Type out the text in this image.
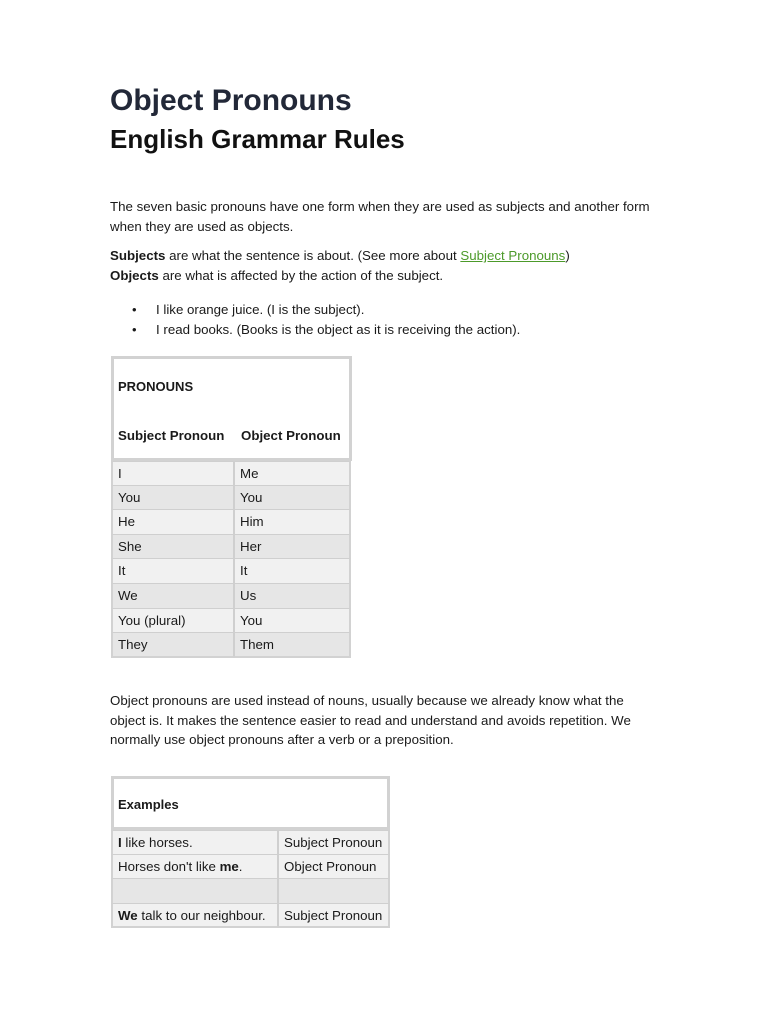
Object Pronouns
English Grammar Rules

The seven basic pronouns have one form when they are used as subjects and another form when they are used as objects.

Subjects are what the sentence is about. (See more about Subject Pronouns)
Objects are what is affected by the action of the subject.

• I like orange juice. (I is the subject).
• I read books. (Books is the object as it is receiving the action).

Object pronouns are used instead of nouns, usually because we already know what the object is. It makes the sentence easier to read and understand and avoids repetition. We normally use object pronouns after a verb or a preposition.

PRONOUNS
Subject Pronoun Object Pronoun
I	Me
You	You
He	Him
She	Her
It	It
We	Us
You (plural)	You
They	Them
Examples
I like horses.	Subject Pronoun
Horses don't like me.	Object Pronoun
We talk to our neighbour.	Subject Pronoun
